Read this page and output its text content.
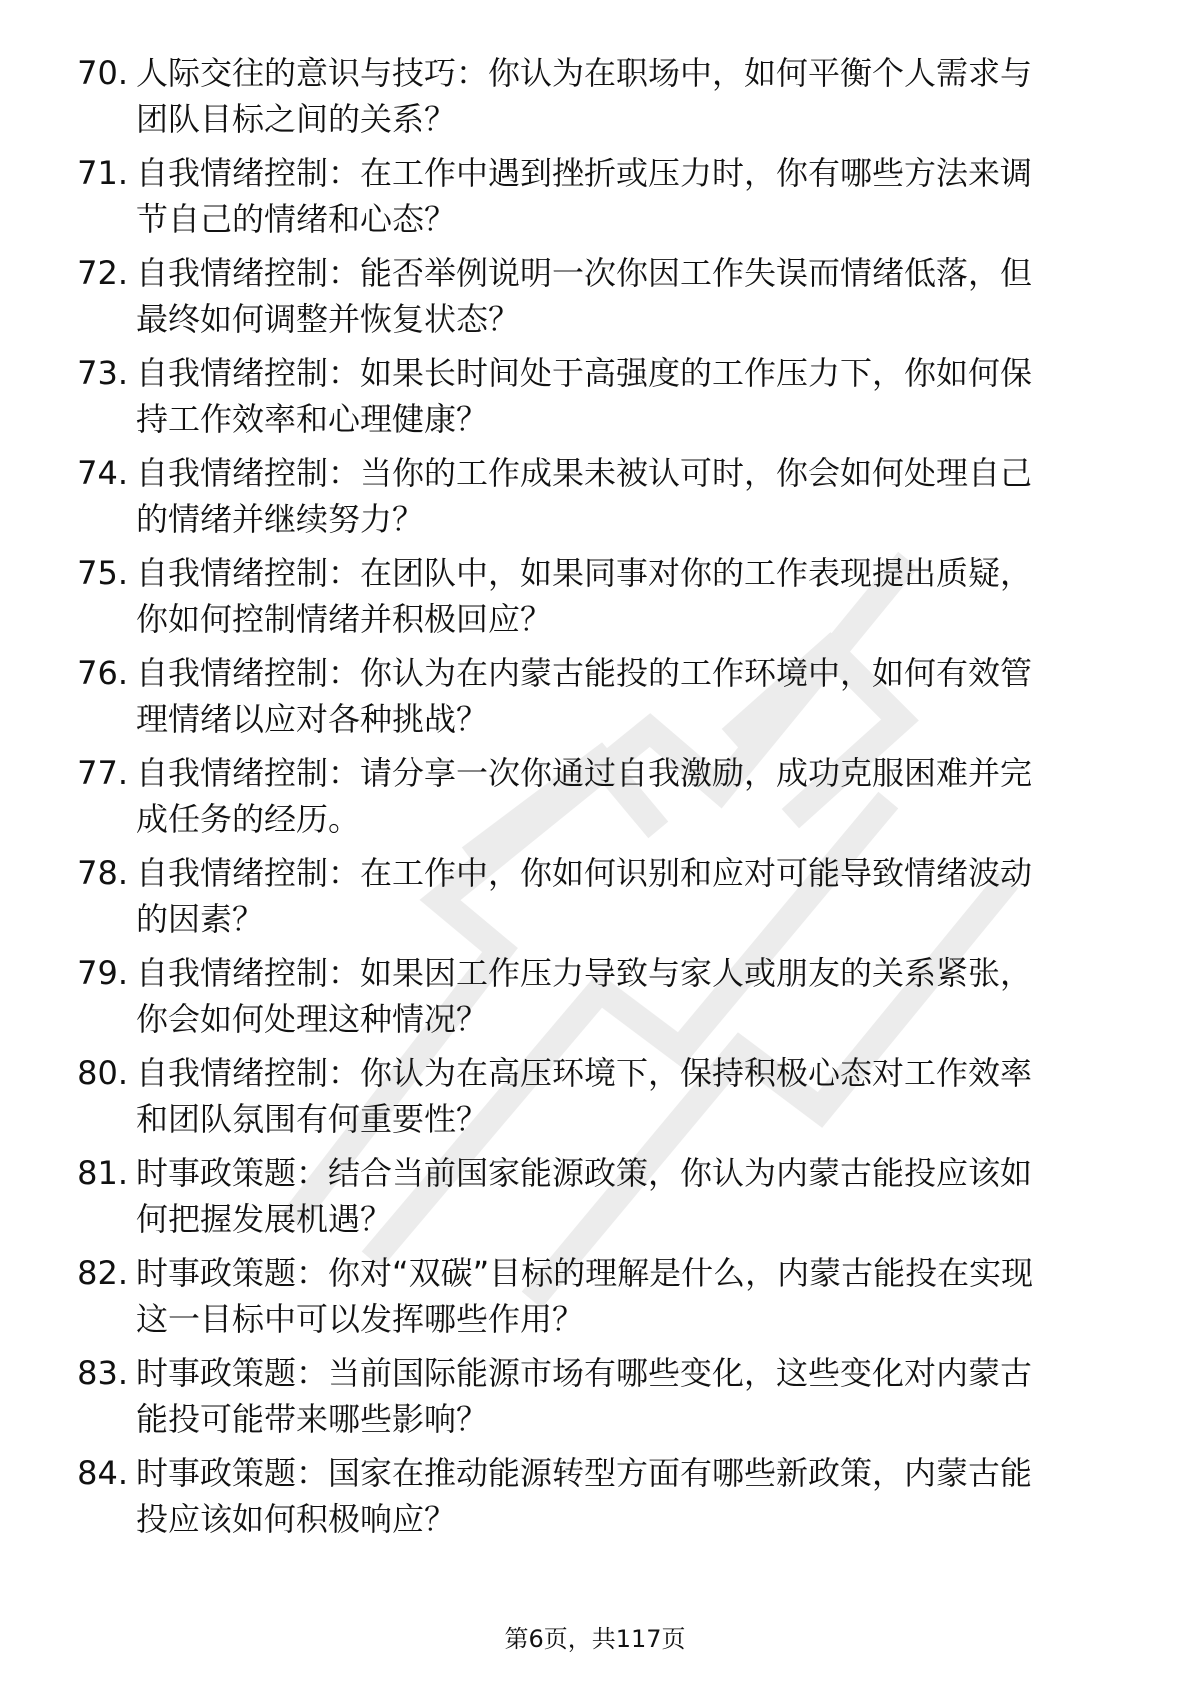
70. 人际交往的意识与技巧：你认为在职场中，如何平衡个人需求与
团队目标之间的关系？
71. 自我情绪控制：在工作中遇到挫折或压力时，你有哪些方法来调
节自己的情绪和心态？
72. 自我情绪控制：能否举例说明一次你因工作失误而情绪低落，但
最终如何调整并恢复状态？
73. 自我情绪控制：如果长时间处于高强度的工作压力下，你如何保
持工作效率和心理健康？
74. 自我情绪控制：当你的工作成果未被认可时，你会如何处理自己
的情绪并继续努力？
75. 自我情绪控制：在团队中，如果同事对你的工作表现提出质疑，
你如何控制情绪并积极回应？
76. 自我情绪控制：你认为在内蒙古能投的工作环境中，如何有效管
理情绪以应对各种挑战？
77. 自我情绪控制：请分享一次你通过自我激励，成功克服困难并完
成任务的经历。
78. 自我情绪控制：在工作中，你如何识别和应对可能导致情绪波动
的因素？
79. 自我情绪控制：如果因工作压力导致与家人或朋友的关系紧张，
你会如何处理这种情况？
80. 自我情绪控制：你认为在高压环境下，保持积极心态对工作效率
和团队氛围有何重要性？
81. 时事政策题：结合当前国家能源政策，你认为内蒙古能投应该如
何把握发展机遇？
82. 时事政策题：你对“双碳”目标的理解是什么，内蒙古能投在实现
这一目标中可以发挥哪些作用？
83. 时事政策题：当前国际能源市场有哪些变化，这些变化对内蒙古
能投可能带来哪些影响？
84. 时事政策题：国家在推动能源转型方面有哪些新政策，内蒙古能
投应该如何积极响应？
第6页，共117页
